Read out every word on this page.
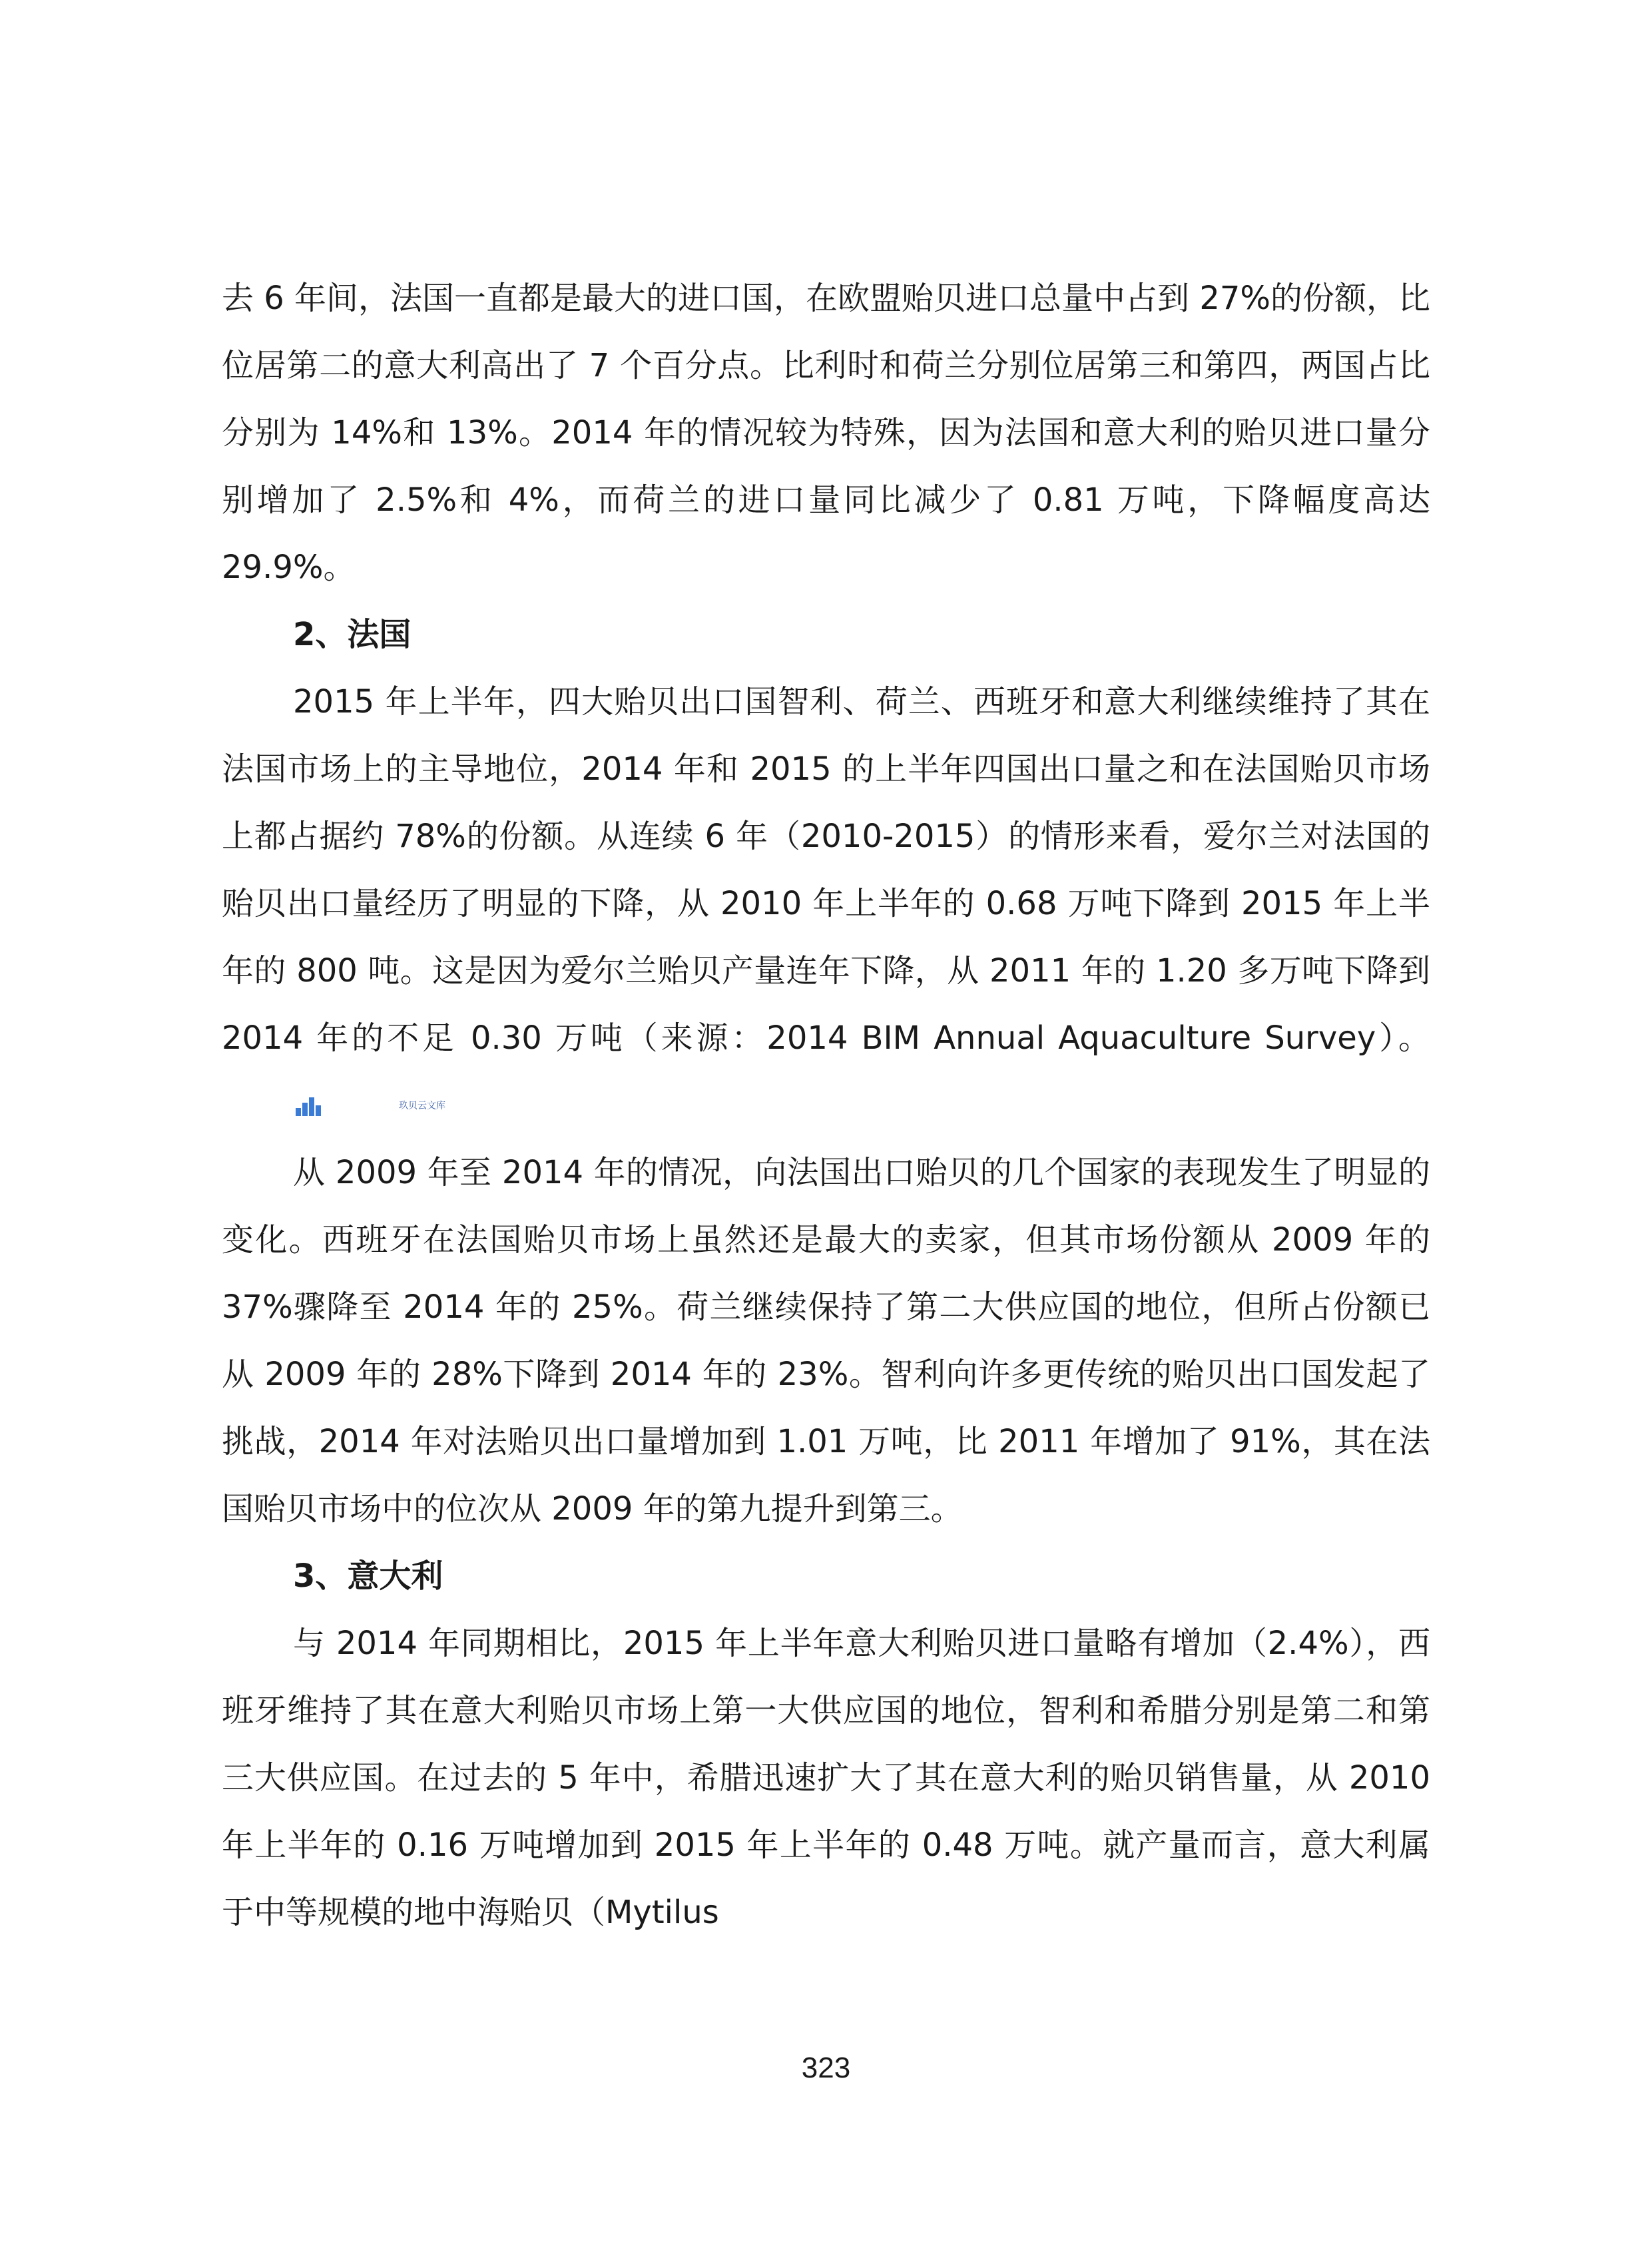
去 6 年间，法国一直都是最大的进口国，在欧盟贻贝进口总量中占到 27%的份额，比位居第二的意大利高出了 7 个百分点。比利时和荷兰分别位居第三和第四，两国占比分别为 14%和 13%。2014 年的情况较为特殊，因为法国和意大利的贻贝进口量分别增加了 2.5%和 4%，而荷兰的进口量同比减少了 0.81 万吨，下降幅度高达 29.9%。

2、法国

2015 年上半年，四大贻贝出口国智利、荷兰、西班牙和意大利继续维持了其在法国市场上的主导地位，2014 年和 2015 的上半年四国出口量之和在法国贻贝市场上都占据约 78%的份额。从连续 6 年（2010-2015）的情形来看，爱尔兰对法国的贻贝出口量经历了明显的下降，从 2010 年上半年的 0.68 万吨下降到 2015 年上半年的 800 吨。这是因为爱尔兰贻贝产量连年下降，从 2011 年的 1.20 多万吨下降到 2014 年的不足 0.30 万吨（来源：2014 BIM Annual Aquaculture Survey）。
玖贝云文库

从 2009 年至 2014 年的情况，向法国出口贻贝的几个国家的表现发生了明显的变化。西班牙在法国贻贝市场上虽然还是最大的卖家，但其市场份额从 2009 年的 37%骤降至 2014 年的 25%。荷兰继续保持了第二大供应国的地位，但所占份额已从 2009 年的 28%下降到 2014 年的 23%。智利向许多更传统的贻贝出口国发起了挑战，2014 年对法贻贝出口量增加到 1.01 万吨，比 2011 年增加了 91%，其在法国贻贝市场中的位次从 2009 年的第九提升到第三。

3、意大利

与 2014 年同期相比，2015 年上半年意大利贻贝进口量略有增加（2.4%），西班牙维持了其在意大利贻贝市场上第一大供应国的地位，智利和希腊分别是第二和第三大供应国。在过去的 5 年中，希腊迅速扩大了其在意大利的贻贝销售量，从 2010 年上半年的 0.16 万吨增加到 2015 年上半年的 0.48 万吨。就产量而言，意大利属于中等规模的地中海贻贝（Mytilus

323
